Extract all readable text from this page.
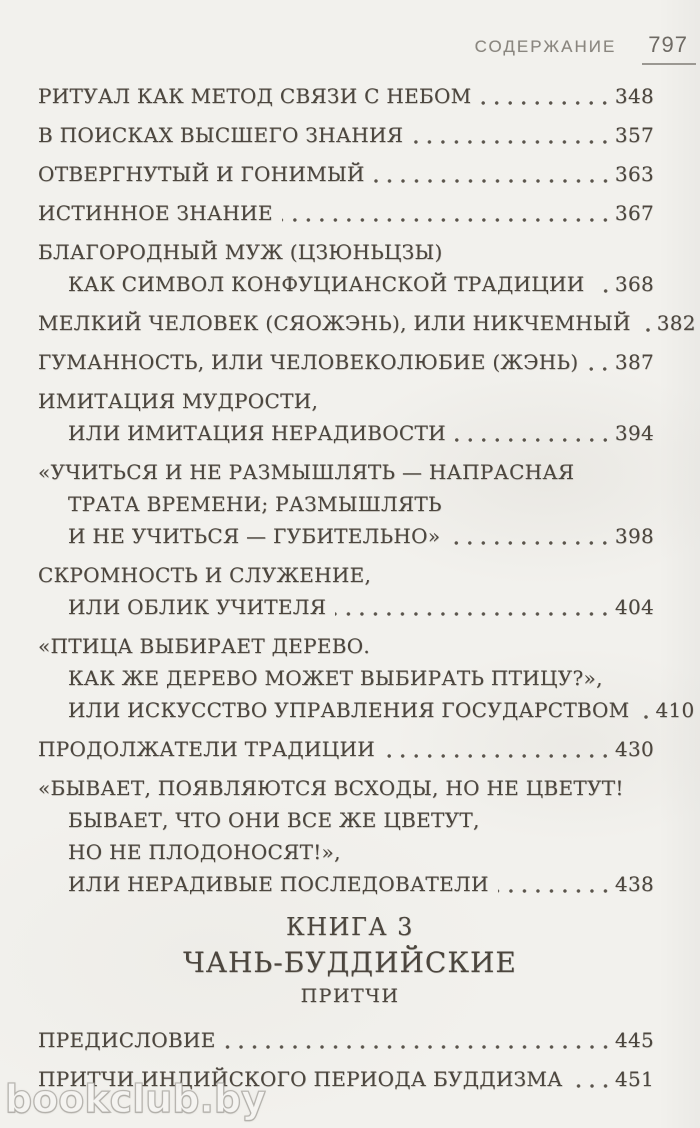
СОДЕРЖАНИЕ 797
РИТУАЛ КАК МЕТОД СВЯЗИ С НЕБОМ	348
В ПОИСКАХ ВЫСШЕГО ЗНАНИЯ	357
ОТВЕРГНУТЫЙ И ГОНИМЫЙ	363
ИСТИННОЕ ЗНАНИЕ	367
БЛАГОРОДНЫЙ МУЖ (ЦЗЮНЬЦЗЫ)
КАК СИМВОЛ КОНФУЦИАНСКОЙ ТРАДИЦИИ 368
МЕЛКИЙ ЧЕЛОВЕК (СЯОЖЭНЬ), ИЛИ НИКЧЕМНЫЙ 382
ГУМАННОСТЬ, ИЛИ ЧЕЛОВЕКОЛЮБИЕ (ЖЭНЬ) 387
ИМИТАЦИЯ МУДРОСТИ,
ИЛИ ИМИТАЦИЯ НЕРАДИВОСТИ	394
«УЧИТЬСЯ И НЕ РАЗМЫШЛЯТЬ — НАПРАСНАЯ
ТРАТА ВРЕМЕНИ; РАЗМЫШЛЯТЬ
И НЕ УЧИТЬСЯ — ГУБИТЕЛЬНО»	398
СКРОМНОСТЬ И СЛУЖЕНИЕ,
ИЛИ ОБЛИК УЧИТЕЛЯ	404
«ПТИЦА ВЫБИРАЕТ ДЕРЕВО.
КАК ЖЕ ДЕРЕВО МОЖЕТ ВЫБИРАТЬ ПТИЦУ?»,
ИЛИ ИСКУССТВО УПРАВЛЕНИЯ ГОСУДАРСТВОМ 410
ПРОДОЛЖАТЕЛИ ТРАДИЦИИ	430
«БЫВАЕТ, ПОЯВЛЯЮТСЯ ВСХОДЫ, НО НЕ ЦВЕТУТ!
БЫВАЕТ, ЧТО ОНИ ВСЕ ЖЕ ЦВЕТУТ,
НО НЕ ПЛОДОНОСЯТ!»,
ИЛИ НЕРАДИВЫЕ ПОСЛЕДОВАТЕЛИ	438
КНИГА 3
ЧАНЬ-БУДДИЙСКИЕ
ПРИТЧИ
ПРЕДИСЛОВИЕ	445
ПРИТЧИ ИНДИЙСКОГО ПЕРИОДА БУДДИЗМА	451
bookclub.by
